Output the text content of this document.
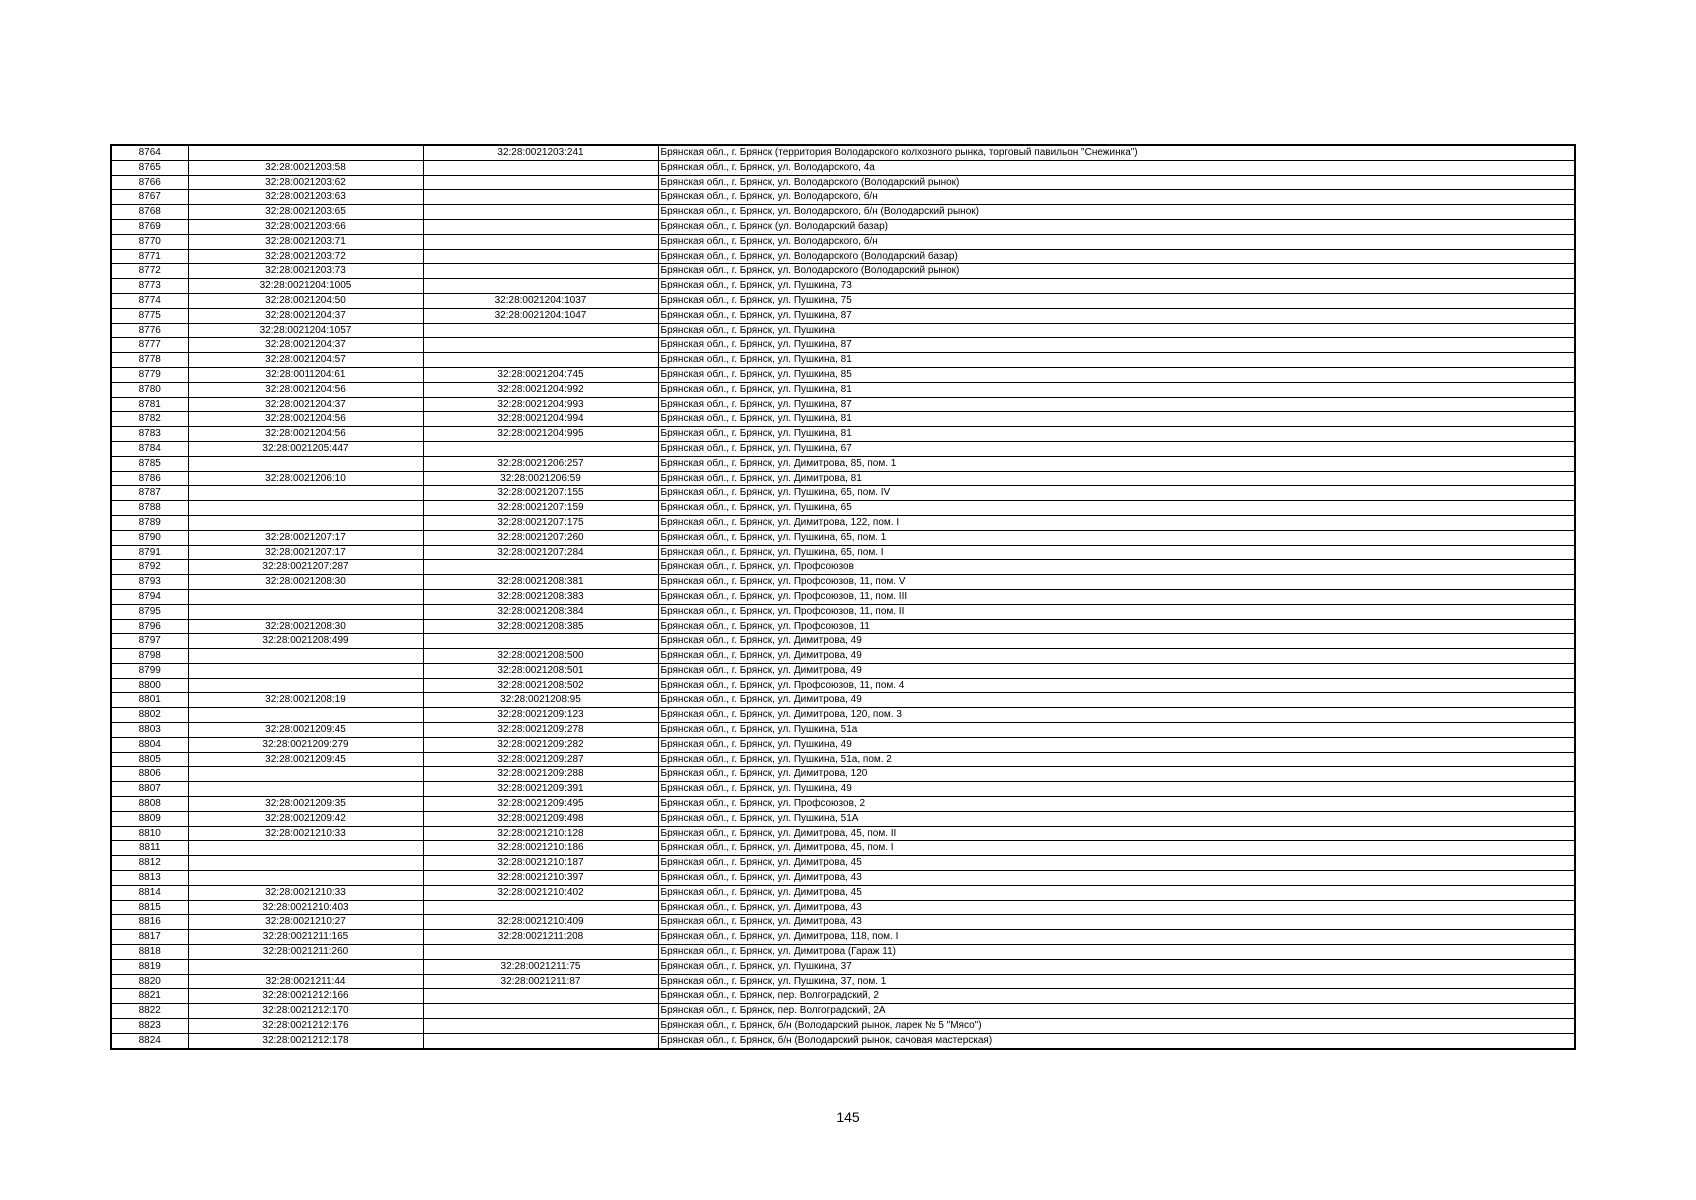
8764		32:28:0021203:241	Брянская обл., г. Брянск (территория Володарского колхозного рынка, торговый павильон "Снежинка")
8765	32:28:0021203:58		Брянская обл., г. Брянск, ул. Володарского, 4а
8766	32:28:0021203:62		Брянская обл., г. Брянск, ул. Володарского (Володарский рынок)
8767	32:28:0021203:63		Брянская обл., г. Брянск, ул. Володарского, б/н
8768	32:28:0021203:65		Брянская обл., г. Брянск, ул. Володарского, б/н (Володарский рынок)
8769	32:28:0021203:66		Брянская обл., г. Брянск (ул. Володарский базар)
8770	32:28:0021203:71		Брянская обл., г. Брянск, ул. Володарского, б/н
8771	32:28:0021203:72		Брянская обл., г. Брянск, ул. Володарского (Володарский базар)
8772	32:28:0021203:73		Брянская обл., г. Брянск, ул. Володарского (Володарский рынок)
8773	32:28:0021204:1005		Брянская обл., г. Брянск, ул. Пушкина, 73
8774	32:28:0021204:50	32:28:0021204:1037	Брянская обл., г. Брянск, ул. Пушкина, 75
8775	32:28:0021204:37	32:28:0021204:1047	Брянская обл., г. Брянск, ул. Пушкина, 87
8776	32:28:0021204:1057		Брянская обл., г. Брянск, ул. Пушкина
8777	32:28:0021204:37		Брянская обл., г. Брянск, ул. Пушкина, 87
8778	32:28:0021204:57		Брянская обл., г. Брянск, ул. Пушкина, 81
8779	32:28:0011204:61	32:28:0021204:745	Брянская обл., г. Брянск, ул. Пушкина, 85
8780	32:28:0021204:56	32:28:0021204:992	Брянская обл., г. Брянск, ул. Пушкина, 81
8781	32:28:0021204:37	32:28:0021204:993	Брянская обл., г. Брянск, ул. Пушкина, 87
8782	32:28:0021204:56	32:28:0021204:994	Брянская обл., г. Брянск, ул. Пушкина, 81
8783	32:28:0021204:56	32:28:0021204:995	Брянская обл., г. Брянск, ул. Пушкина, 81
8784	32:28:0021205:447		Брянская обл., г. Брянск, ул. Пушкина, 67
8785		32:28:0021206:257	Брянская обл., г. Брянск, ул. Димитрова, 85, пом. 1
8786	32:28:0021206:10	32:28:0021206:59	Брянская обл., г. Брянск, ул. Димитрова, 81
8787		32:28:0021207:155	Брянская обл., г. Брянск, ул. Пушкина, 65, пом. IV
8788		32:28:0021207:159	Брянская обл., г. Брянск, ул. Пушкина, 65
8789		32:28:0021207:175	Брянская обл., г. Брянск, ул. Димитрова, 122, пом. I
8790	32:28:0021207:17	32:28:0021207:260	Брянская обл., г. Брянск, ул. Пушкина, 65, пом. 1
8791	32:28:0021207:17	32:28:0021207:284	Брянская обл., г. Брянск, ул. Пушкина, 65, пом. I
8792	32:28:0021207:287		Брянская обл., г. Брянск, ул. Профсоюзов
8793	32:28:0021208:30	32:28:0021208:381	Брянская обл., г. Брянск, ул. Профсоюзов, 11, пом. V
8794		32:28:0021208:383	Брянская обл., г. Брянск, ул. Профсоюзов, 11, пом. III
8795		32:28:0021208:384	Брянская обл., г. Брянск, ул. Профсоюзов, 11, пом. II
8796	32:28:0021208:30	32:28:0021208:385	Брянская обл., г. Брянск, ул. Профсоюзов, 11
8797	32:28:0021208:499		Брянская обл., г. Брянск, ул. Димитрова, 49
8798		32:28:0021208:500	Брянская обл., г. Брянск, ул. Димитрова, 49
8799		32:28:0021208:501	Брянская обл., г. Брянск, ул. Димитрова, 49
8800		32:28:0021208:502	Брянская обл., г. Брянск, ул. Профсоюзов, 11, пом. 4
8801	32:28:0021208:19	32:28:0021208:95	Брянская обл., г. Брянск, ул. Димитрова, 49
8802		32:28:0021209:123	Брянская обл., г. Брянск, ул. Димитрова, 120, пом. 3
8803	32:28:0021209:45	32:28:0021209:278	Брянская обл., г. Брянск, ул. Пушкина, 51а
8804	32:28:0021209:279	32:28:0021209:282	Брянская обл., г. Брянск, ул. Пушкина, 49
8805	32:28:0021209:45	32:28:0021209:287	Брянская обл., г. Брянск, ул. Пушкина, 51а, пом. 2
8806		32:28:0021209:288	Брянская обл., г. Брянск, ул. Димитрова, 120
8807		32:28:0021209:391	Брянская обл., г. Брянск, ул. Пушкина, 49
8808	32:28:0021209:35	32:28:0021209:495	Брянская обл., г. Брянск, ул. Профсоюзов, 2
8809	32:28:0021209:42	32:28:0021209:498	Брянская обл., г. Брянск, ул. Пушкина, 51А
8810	32:28:0021210:33	32:28:0021210:128	Брянская обл., г. Брянск, ул. Димитрова, 45, пом. II
8811		32:28:0021210:186	Брянская обл., г. Брянск, ул. Димитрова, 45, пом. I
8812		32:28:0021210:187	Брянская обл., г. Брянск, ул. Димитрова, 45
8813		32:28:0021210:397	Брянская обл., г. Брянск, ул. Димитрова, 43
8814	32:28:0021210:33	32:28:0021210:402	Брянская обл., г. Брянск, ул. Димитрова, 45
8815	32:28:0021210:403		Брянская обл., г. Брянск, ул. Димитрова, 43
8816	32:28:0021210:27	32:28:0021210:409	Брянская обл., г. Брянск, ул. Димитрова, 43
8817	32:28:0021211:165	32:28:0021211:208	Брянская обл., г. Брянск, ул. Димитрова, 118, пом. I
8818	32:28:0021211:260		Брянская обл., г. Брянск, ул. Димитрова (Гараж 11)
8819		32:28:0021211:75	Брянская обл., г. Брянск, ул. Пушкина, 37
8820	32:28:0021211:44	32:28:0021211:87	Брянская обл., г. Брянск, ул. Пушкина, 37, пом. 1
8821	32:28:0021212:166		Брянская обл., г. Брянск, пер. Волгоградский, 2
8822	32:28:0021212:170		Брянская обл., г. Брянск, пер. Волгоградский, 2А
8823	32:28:0021212:176		Брянская обл., г. Брянск, б/н (Володарский рынок, ларек № 5 "Мясо")
8824	32:28:0021212:178		Брянская обл., г. Брянск, б/н (Володарский рынок, сачовая мастерская)
145
